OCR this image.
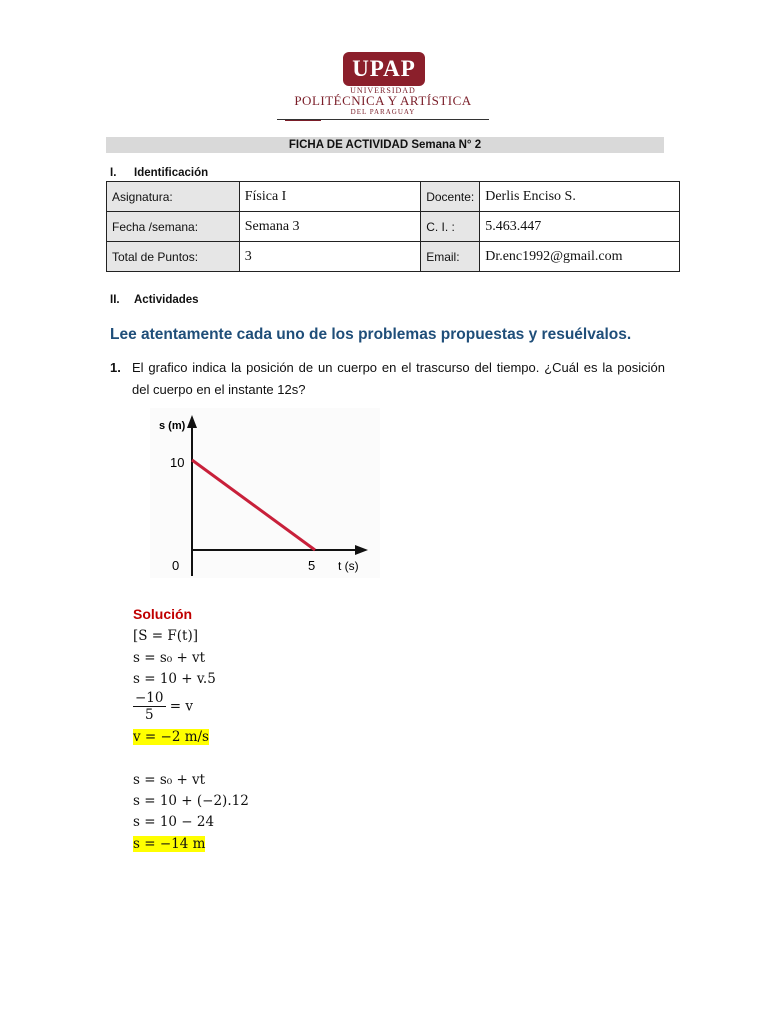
UPAP
UNIVERSIDAD
POLITÉCNICA Y ARTÍSTICA
DEL PARAGUAY
FICHA DE ACTIVIDAD Semana N° 2
I. Identificación
Asignatura:	Física I	Docente:	Derlis Enciso S.
Fecha /semana:	Semana 3	C. I. :	5.463.447
Total de Puntos:	3	Email:	Dr.enc1992@gmail.com
II. Actividades
Lee atentamente cada uno de los problemas propuestas y resuélvalos.
1. El grafico indica la posición de un cuerpo en el trascurso del tiempo. ¿Cuál es la posición del cuerpo en el instante 12s?
s (m)
10
0	5 t (s)
Solución
[S = F(t)]
s = s₀ + vt
s = 10 + v.5
$\frac{-10}{5} = v$
v = −2 m/s
s = s₀ + vt
s = 10 + (−2).12
s = 10 − 24
s = −14 m
